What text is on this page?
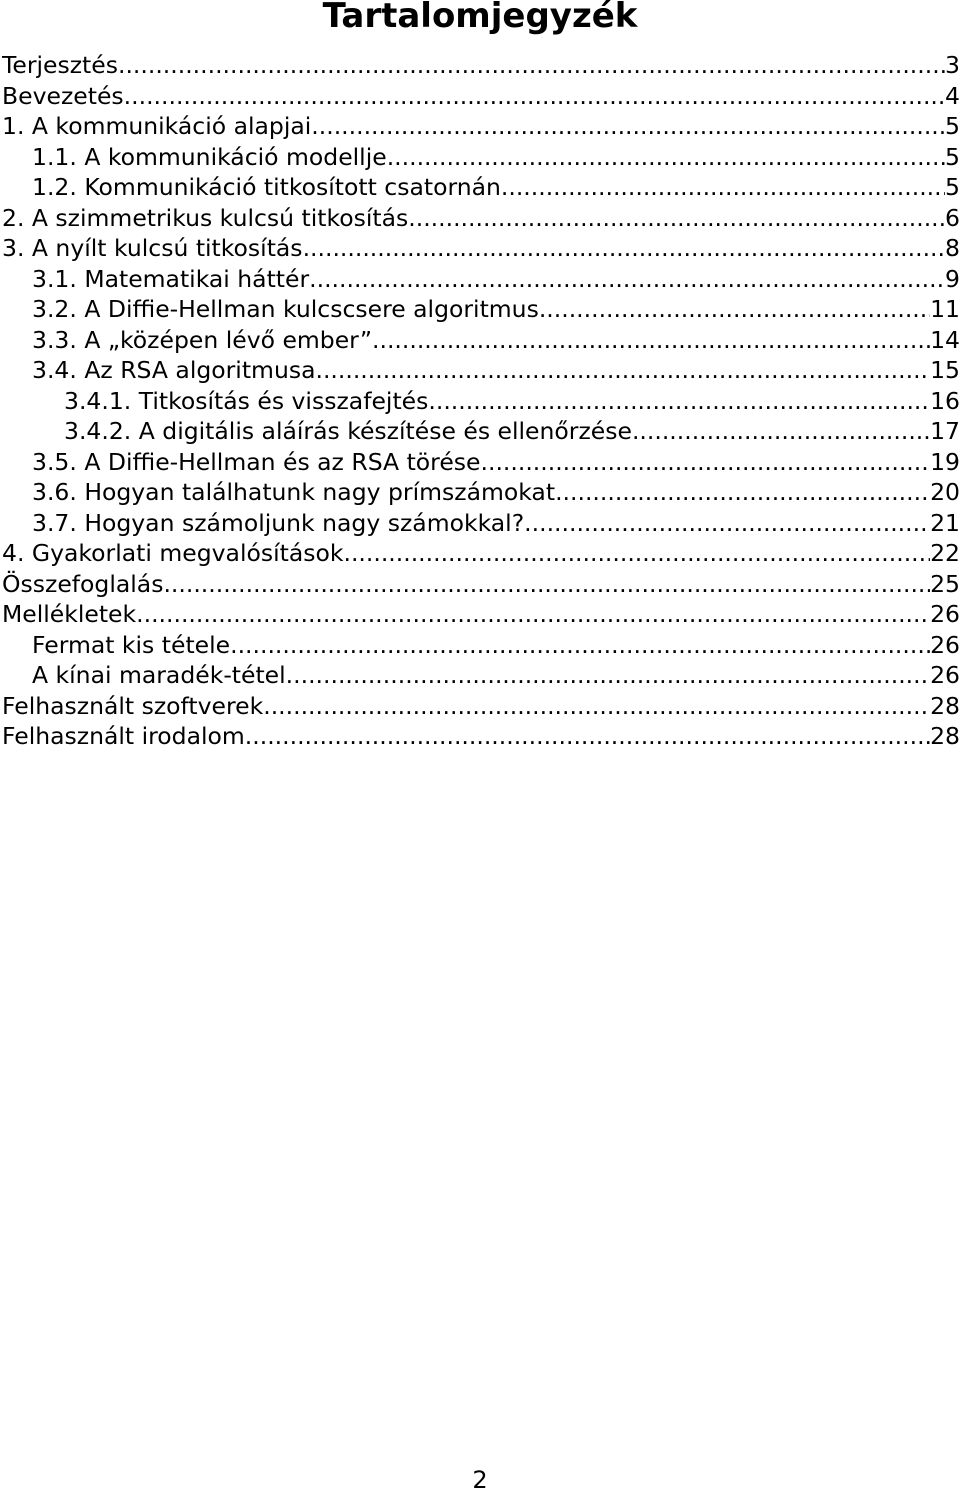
Tartalomjegyzék
Terjesztés .....	3
Bevezetés .....	4
1. A kommunikáció alapjai .....	5
1.1. A kommunikáció modellje .....	5
1.2. Kommunikáció titkosított csatornán .....	5
2. A szimmetrikus kulcsú titkosítás .....	6
3. A nyílt kulcsú titkosítás .....	8
3.1. Matematikai háttér .....	9
3.2. A Diffie-Hellman kulcscsere algoritmus .....	11
3.3. A „középen lévő ember” .....	14
3.4. Az RSA algoritmusa .....	15
3.4.1. Titkosítás és visszafejtés .....	16
3.4.2. A digitális aláírás készítése és ellenőrzése .....	17
3.5. A Diffie-Hellman és az RSA törése .....	19
3.6. Hogyan találhatunk nagy prímszámokat .....	20
3.7. Hogyan számoljunk nagy számokkal? .....	21
4. Gyakorlati megvalósítások .....	22
Összefoglalás .....	25
Mellékletek .....	26
Fermat kis tétele .....	26
A kínai maradék-tétel .....	26
Felhasznált szoftverek .....	28
Felhasznált irodalom .....	28
2
